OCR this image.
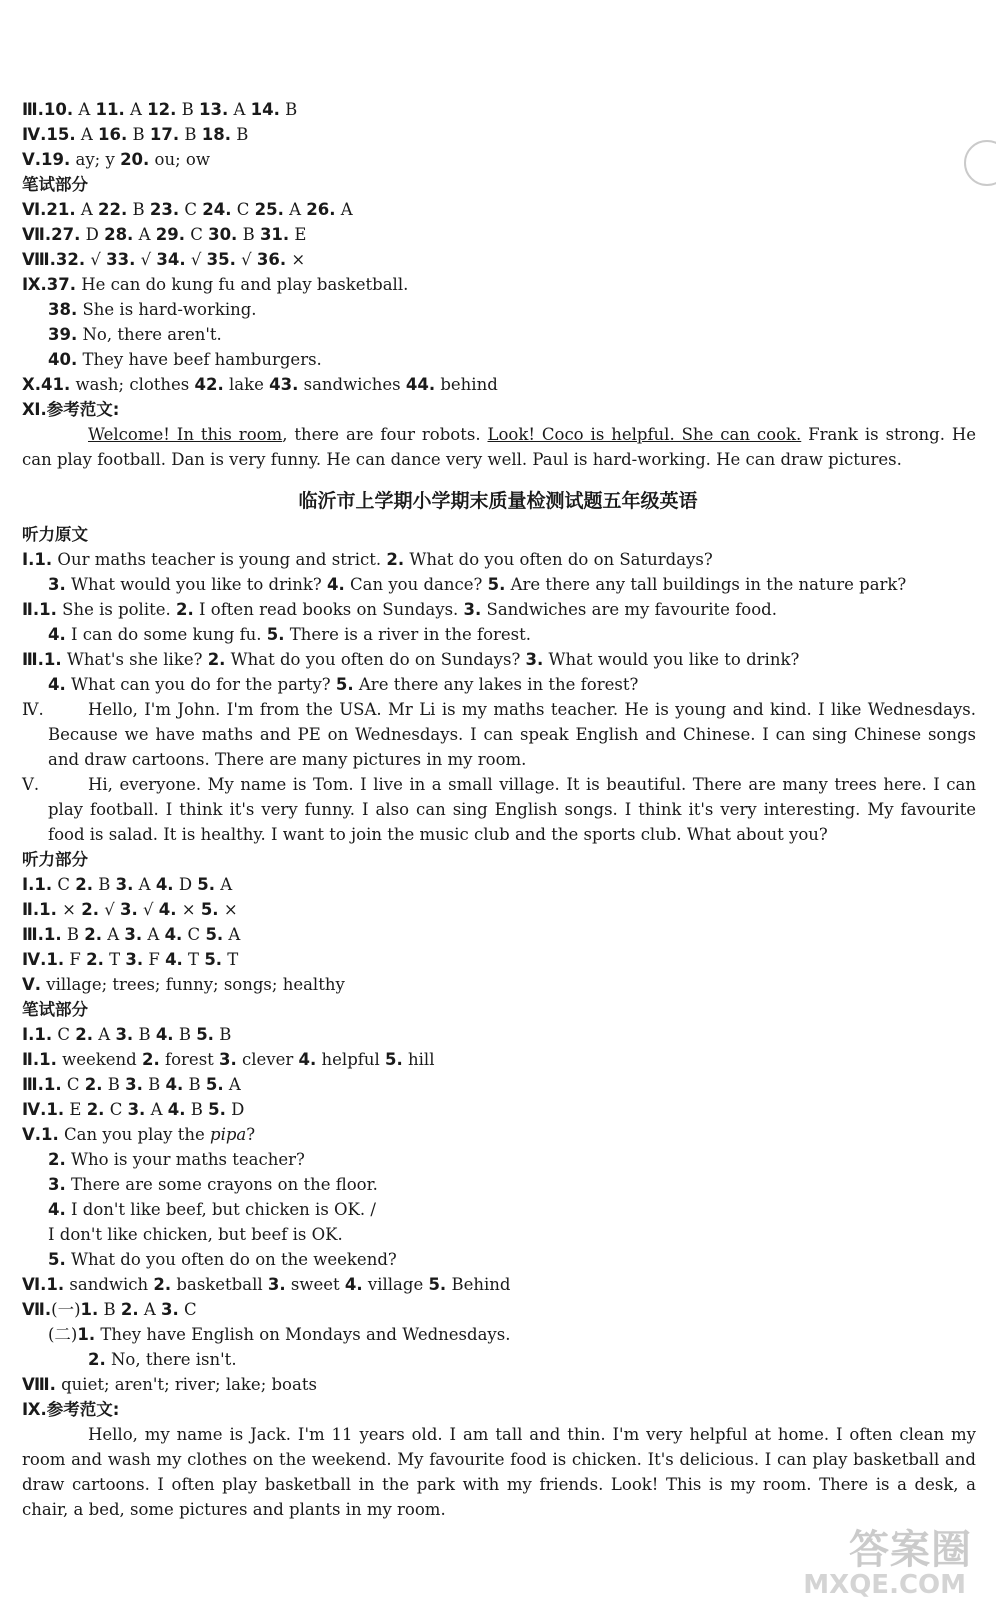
Ⅲ.10. A 11. A 12. B 13. A 14. B
Ⅳ.15. A 16. B 17. B 18. B
Ⅴ.19. ay; y 20. ou; ow
笔试部分
Ⅵ.21. A 22. B 23. C 24. C 25. A 26. A
Ⅶ.27. D 28. A 29. C 30. B 31. E
Ⅷ.32. √ 33. √ 34. √ 35. √ 36. ×
Ⅸ.37. He can do kung fu and play basketball.
38. She is hard-working.
39. No, there aren't.
40. They have beef hamburgers.
Ⅹ.41. wash; clothes 42. lake 43. sandwiches 44. behind
Ⅺ.参考范文:
Welcome! In this room, there are four robots. Look! Coco is helpful. She can cook. Frank is strong. He can play football. Dan is very funny. He can dance very well. Paul is hard-working. He can draw pictures.
临沂市上学期小学期末质量检测试题五年级英语
听力原文
Ⅰ.1. Our maths teacher is young and strict. 2. What do you often do on Saturdays?
3. What would you like to drink? 4. Can you dance? 5. Are there any tall buildings in the nature park?
Ⅱ.1. She is polite. 2. I often read books on Sundays. 3. Sandwiches are my favourite food.
4. I can do some kung fu. 5. There is a river in the forest.
Ⅲ.1. What's she like? 2. What do you often do on Sundays? 3. What would you like to drink?
4. What can you do for the party? 5. Are there any lakes in the forest?
Ⅳ.	Hello, I'm John. I'm from the USA. Mr Li is my maths teacher. He is young and kind. I like Wednesdays. Because we have maths and PE on Wednesdays. I can speak English and Chinese. I can sing Chinese songs and draw cartoons. There are many pictures in my room.
Ⅴ.	Hi, everyone. My name is Tom. I live in a small village. It is beautiful. There are many trees here. I can play football. I think it's very funny. I also can sing English songs. I think it's very interesting. My favourite food is salad. It is healthy. I want to join the music club and the sports club. What about you?
听力部分
Ⅰ.1. C 2. B 3. A 4. D 5. A
Ⅱ.1. × 2. √ 3. √ 4. × 5. ×
Ⅲ.1. B 2. A 3. A 4. C 5. A
Ⅳ.1. F 2. T 3. F 4. T 5. T
Ⅴ. village; trees; funny; songs; healthy
笔试部分
Ⅰ.1. C 2. A 3. B 4. B 5. B
Ⅱ.1. weekend 2. forest 3. clever 4. helpful 5. hill
Ⅲ.1. C 2. B 3. B 4. B 5. A
Ⅳ.1. E 2. C 3. A 4. B 5. D
Ⅴ.1. Can you play the pipa?
2. Who is your maths teacher?
3. There are some crayons on the floor.
4. I don't like beef, but chicken is OK. /
I don't like chicken, but beef is OK.
5. What do you often do on the weekend?
Ⅵ.1. sandwich 2. basketball 3. sweet 4. village 5. Behind
Ⅶ.(一)1. B 2. A 3. C
(二)1. They have English on Mondays and Wednesdays.
2. No, there isn't.
Ⅷ. quiet; aren't; river; lake; boats
Ⅸ.参考范文:
Hello, my name is Jack. I'm 11 years old. I am tall and thin. I'm very helpful at home. I often clean my room and wash my clothes on the weekend. My favourite food is chicken. It's delicious. I can play basketball and draw cartoons. I often play basketball in the park with my friends. Look! This is my room. There is a desk, a chair, a bed, some pictures and plants in my room.
答案圈
MXQE.COM
